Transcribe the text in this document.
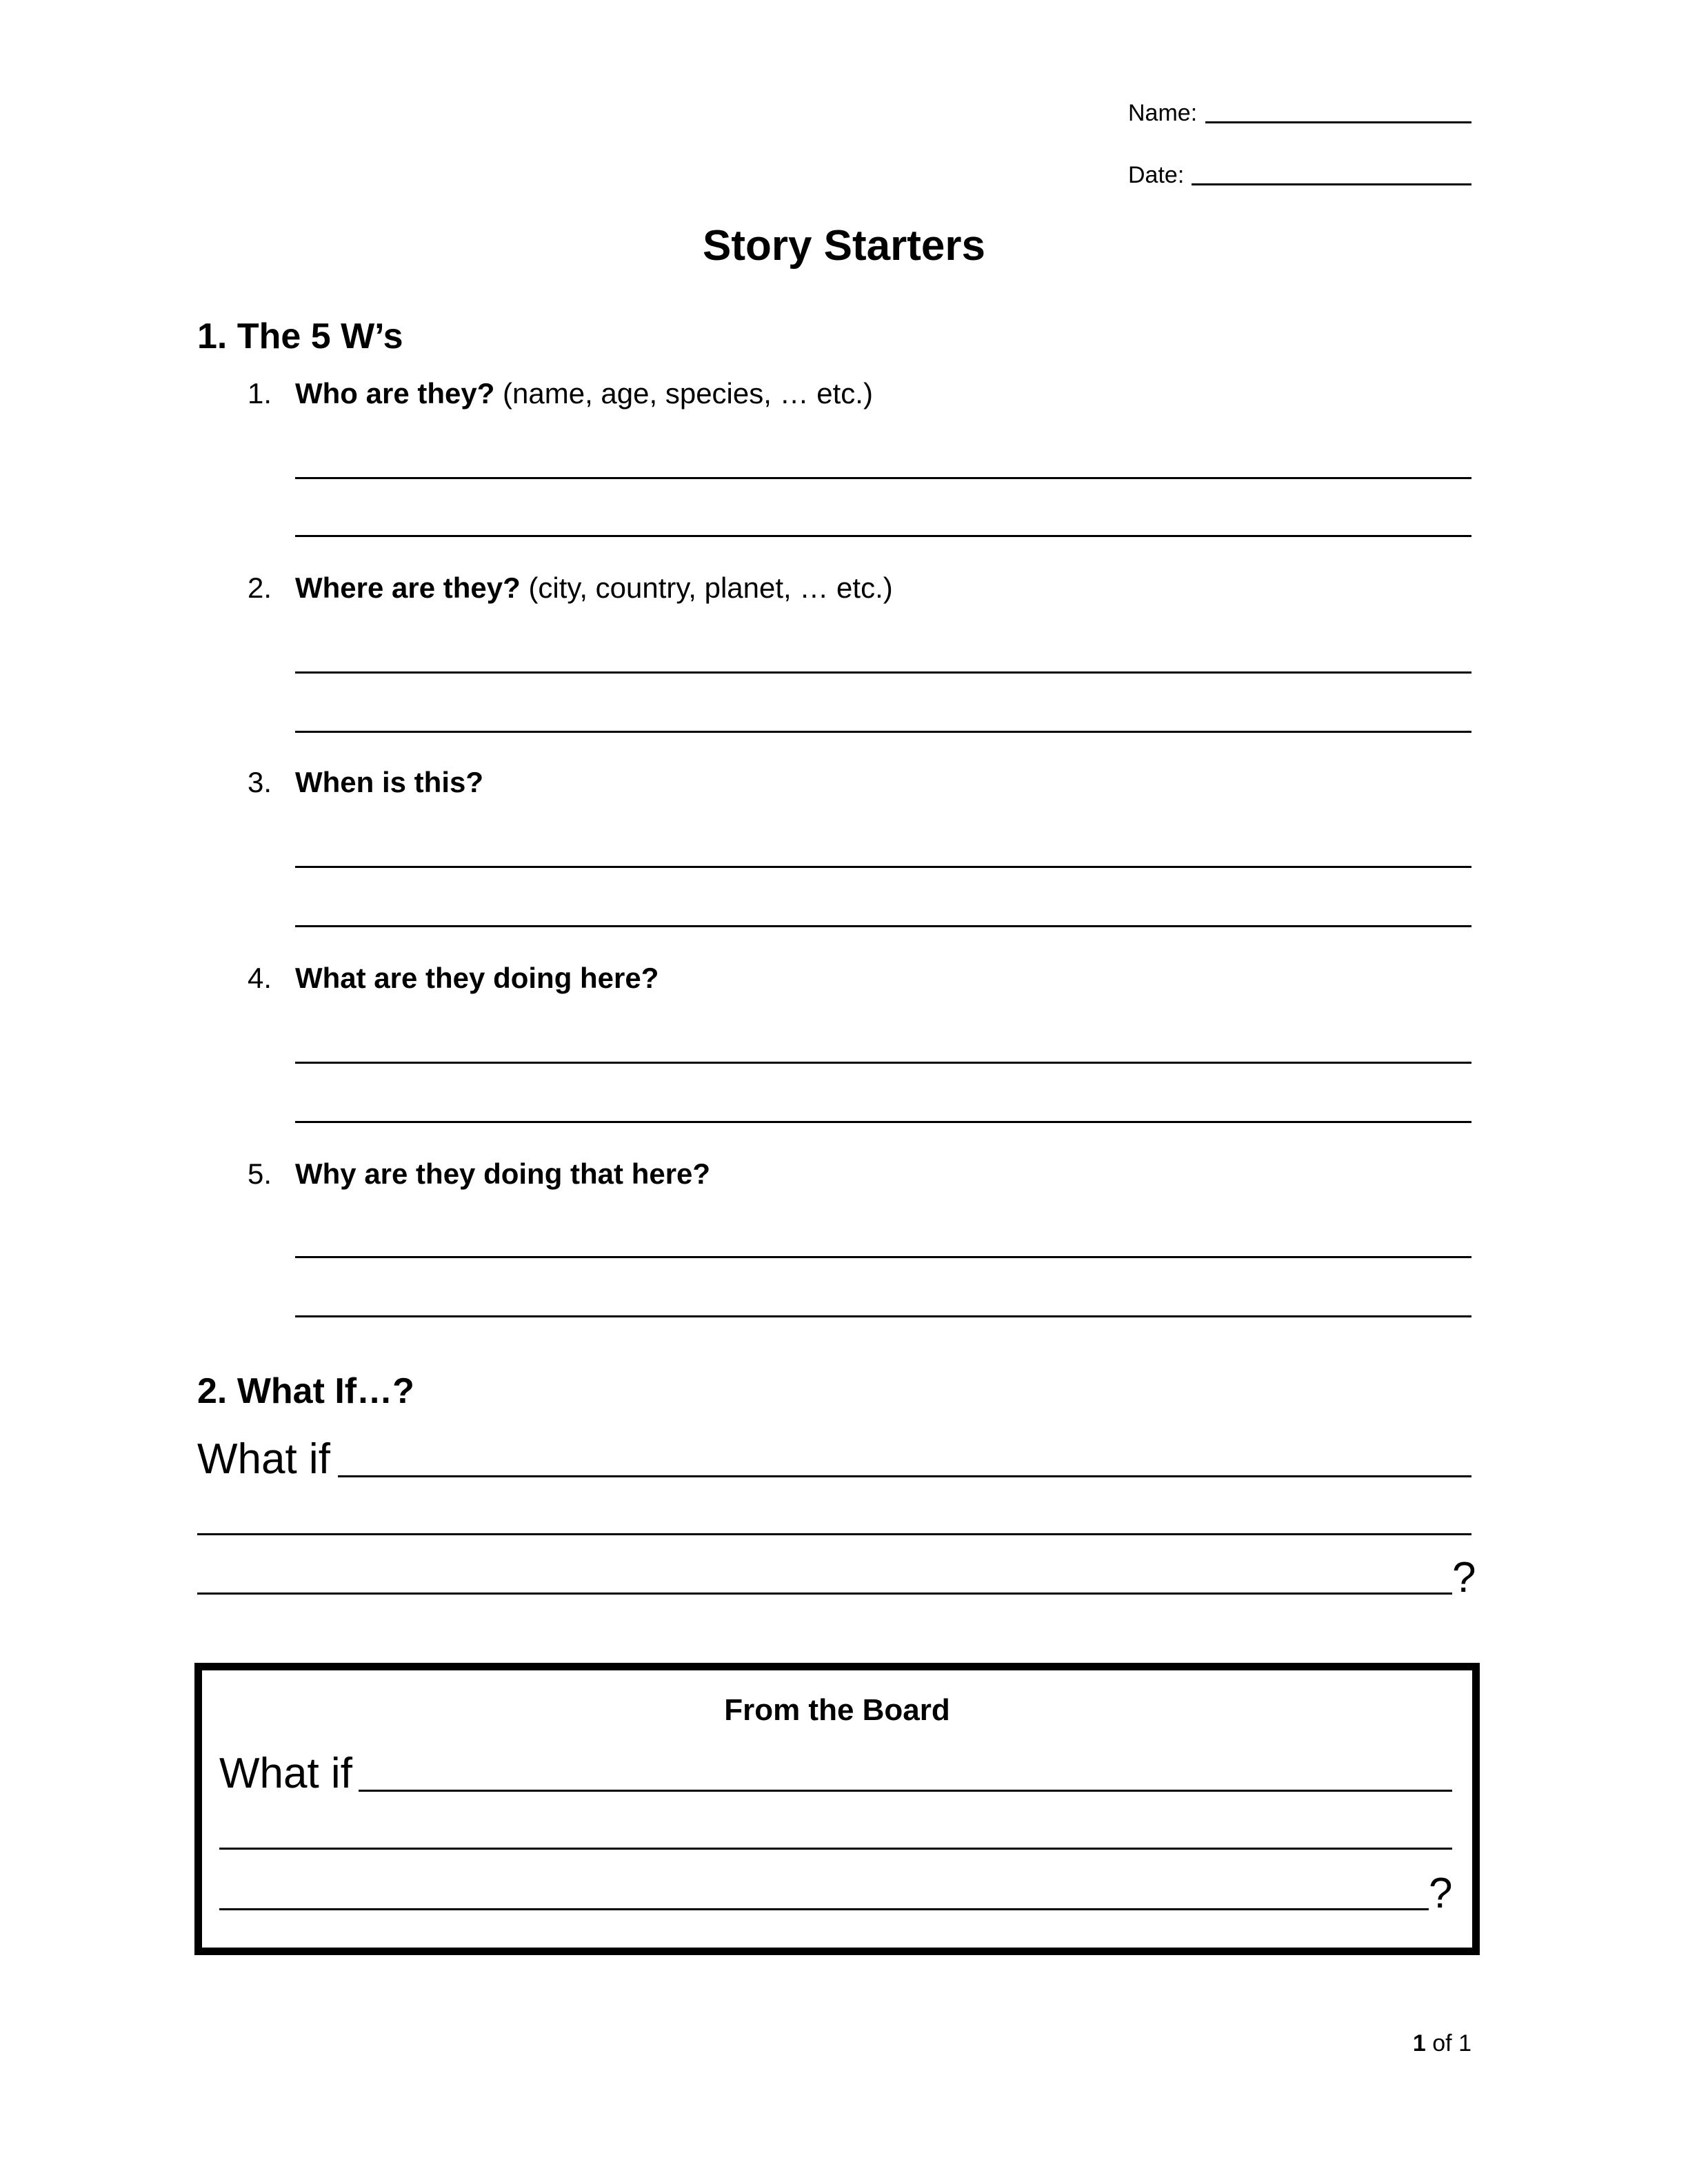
Name:
Date:
Story Starters
1. The 5 W’s
1. Who are they? (name, age, species, … etc.)
2. Where are they? (city, country, planet, … etc.)
3. When is this?
4. What are they doing here?
5. Why are they doing that here?
2. What If…?
What if
?
From the Board
What if
?
1 of 1
